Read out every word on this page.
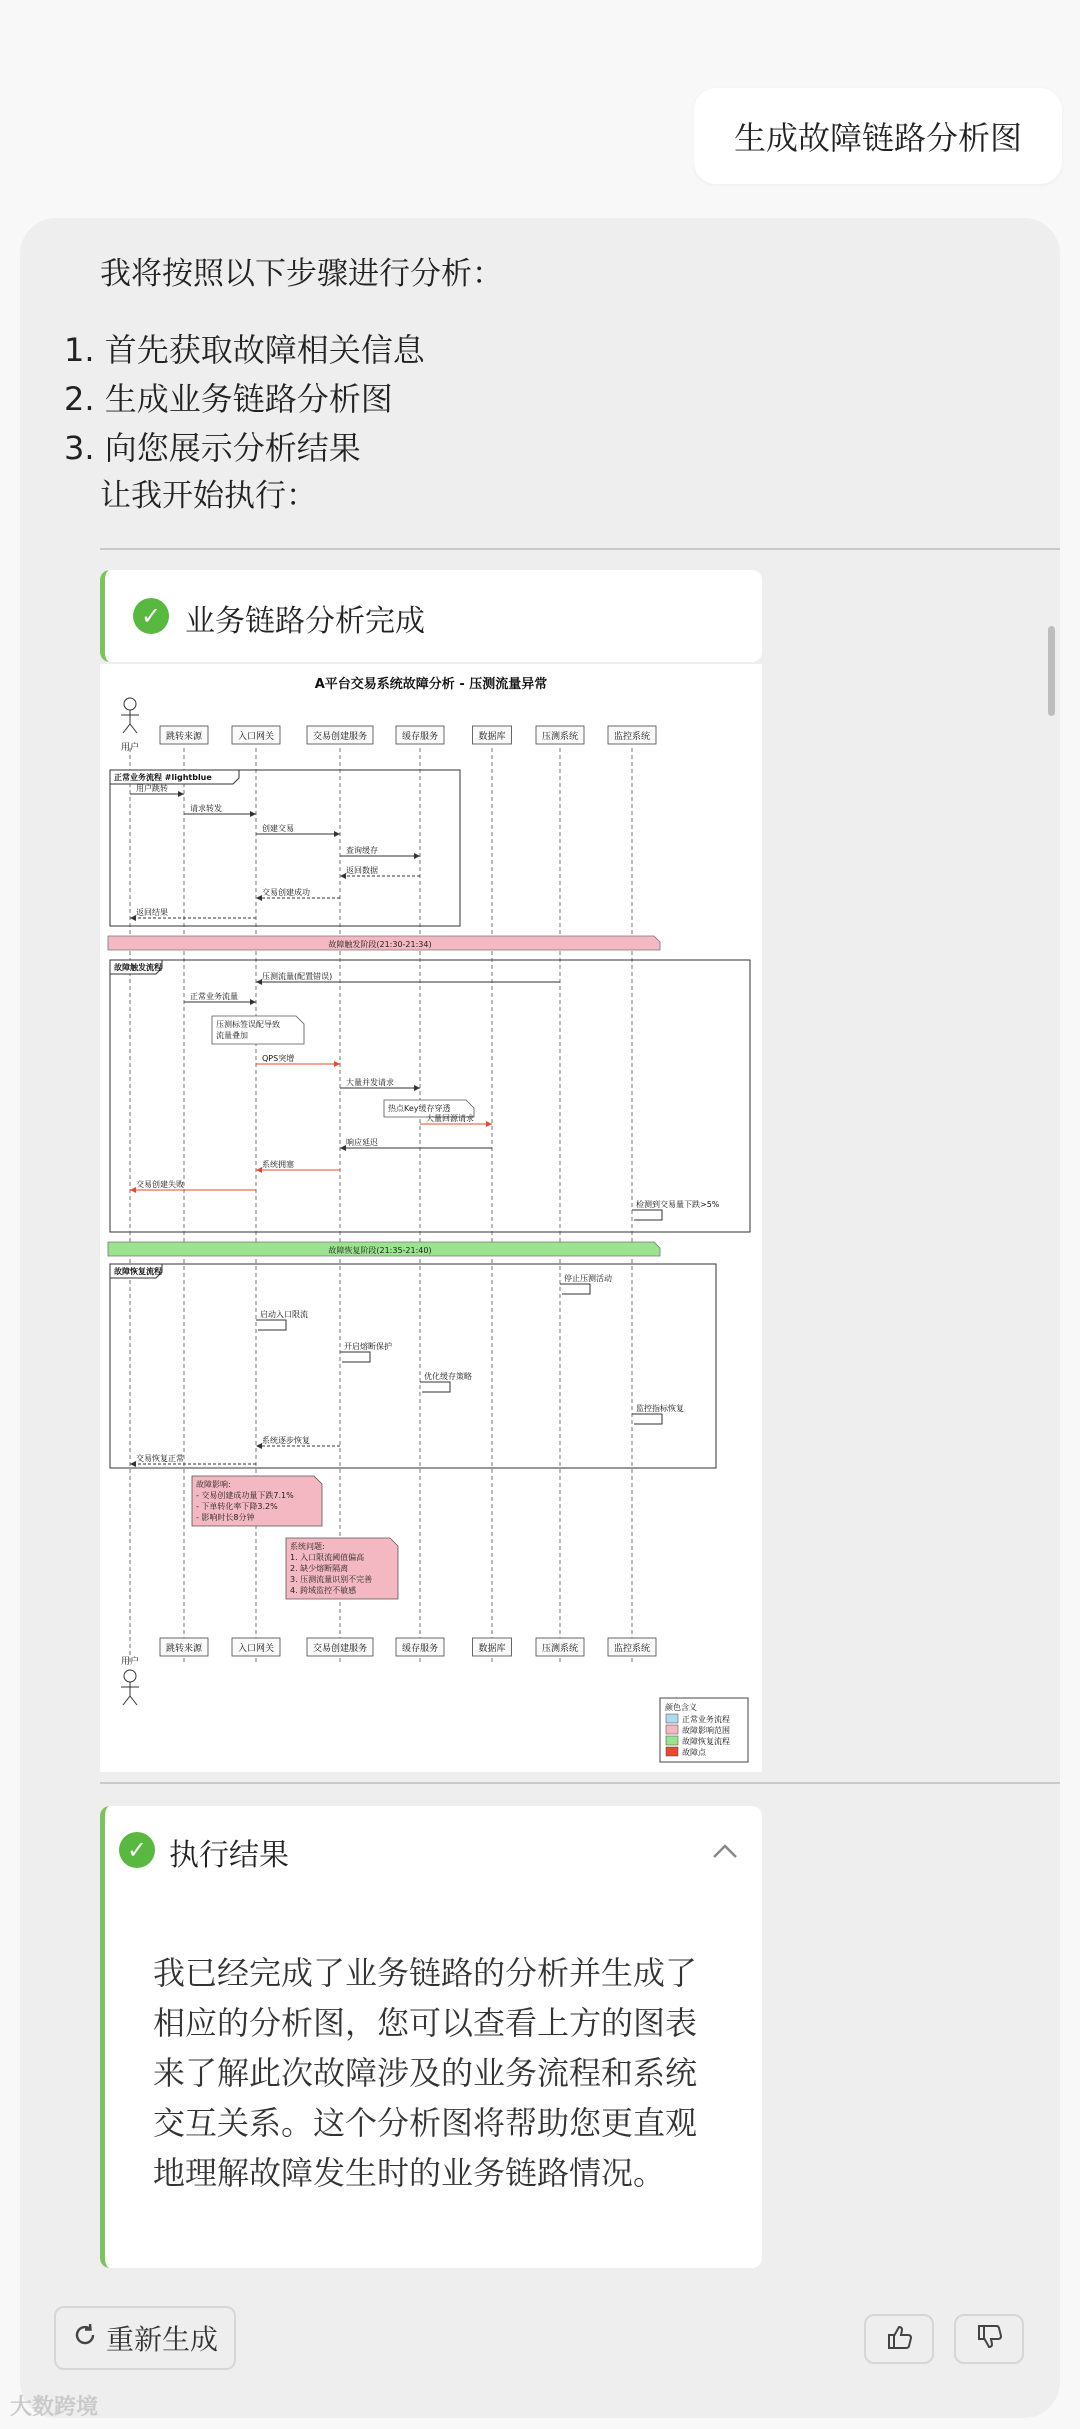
生成故障链路分析图
我将按照以下步骤进行分析：
1. 首先获取故障相关信息
2. 生成业务链路分析图
3. 向您展示分析结果
让我开始执行：
✓ 业务链路分析完成
A平台交易系统故障分析 - 压测流量异常
用户
用户
跳转来源
跳转来源
入口网关
入口网关
交易创建服务
交易创建服务
缓存服务
缓存服务
数据库
数据库
压测系统
压测系统
监控系统
监控系统
正常业务流程 #lightblue
用户跳转
请求转发
创建交易
查询缓存
返回数据
交易创建成功
返回结果
故障触发阶段(21:30-21:34)
故障触发流程
压测流量(配置错误)
正常业务流量
压测标签误配导致
流量叠加
QPS突增
大量并发请求
热点Key缓存穿透
大量回源请求
响应延迟
系统拥塞
交易创建失败
检测到交易量下跌>5%
故障恢复阶段(21:35-21:40)
故障恢复流程
停止压测活动
启动入口限流
开启熔断保护
优化缓存策略
监控指标恢复
系统逐步恢复
交易恢复正常
故障影响:
- 交易创建成功量下跌7.1%
- 下单转化率下降3.2%
- 影响时长8分钟
系统问题:
1. 入口限流阈值偏高
2. 缺少熔断隔离
3. 压测流量识别不完善
4. 跨域监控不敏感
颜色含义
正常业务流程
故障影响范围
故障恢复流程
故障点
✓ 执行结果
我已经完成了业务链路的分析并生成了相应的分析图，您可以查看上方的图表来了解此次故障涉及的业务流程和系统交互关系。这个分析图将帮助您更直观地理解故障发生时的业务链路情况。
重新生成
大数跨境
